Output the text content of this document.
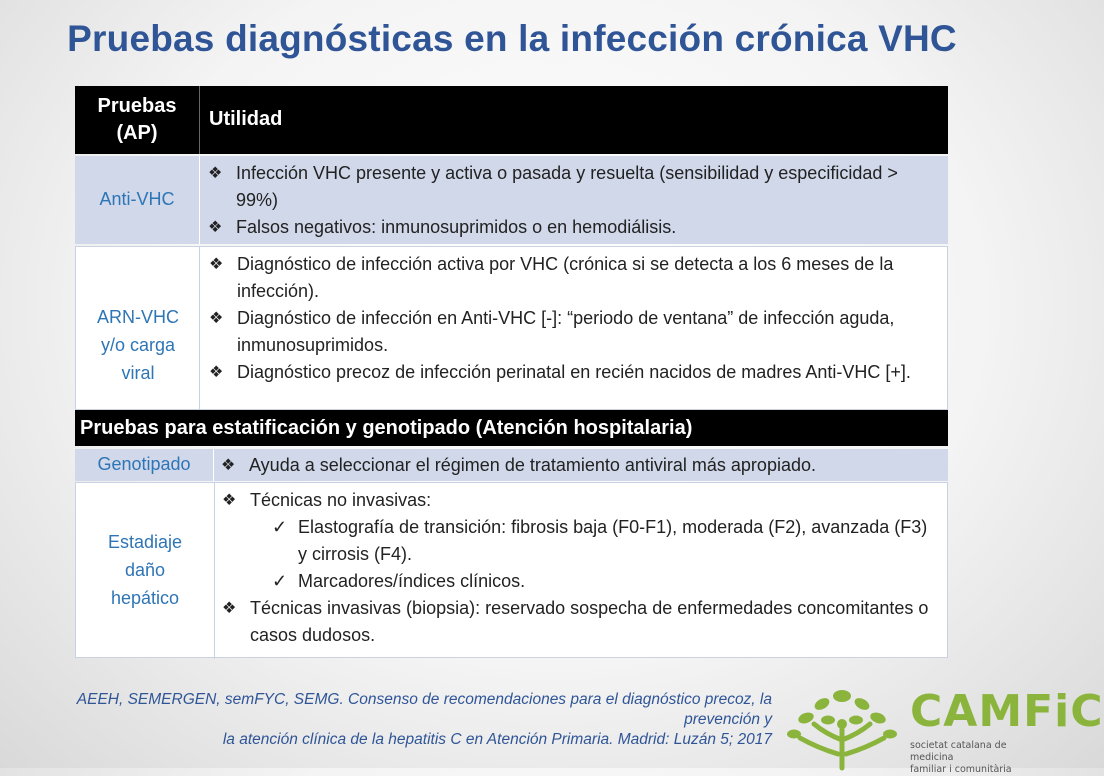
Pruebas diagnósticas en la infección crónica VHC
Pruebas (AP)
Utilidad
Anti-VHC
❖ Infección VHC presente y activa o pasada y resuelta (sensibilidad y especificidad > 99%)
❖ Falsos negativos: inmunosuprimidos o en hemodiálisis.
ARN-VHC y/o carga viral
❖ Diagnóstico de infección activa por VHC (crónica si se detecta a los 6 meses de la infección).
❖ Diagnóstico de infección en Anti-VHC [-]: “periodo de ventana” de infección aguda, inmunosuprimidos.
❖ Diagnóstico precoz de infección perinatal en recién nacidos de madres Anti-VHC [+].
Pruebas para estatificación y genotipado (Atención hospitalaria)
Genotipado	❖ Ayuda a seleccionar el régimen de tratamiento antiviral más apropiado.
Estadiaje daño hepático
❖ Técnicas no invasivas:
✓ Elastografía de transición: fibrosis baja (F0-F1), moderada (F2), avanzada (F3) y cirrosis (F4).
✓ Marcadores/índices clínicos.
❖ Técnicas invasivas (biopsia): reservado sospecha de enfermedades concomitantes o casos dudosos.
AEEH, SEMERGEN, semFYC, SEMG. Consenso de recomendaciones para el diagnóstico precoz, la prevención y
la atención clínica de la hepatitis C en Atención Primaria. Madrid: Luzán 5; 2017
CAMFiC
societat catalana de medicina
familiar i comunitària
